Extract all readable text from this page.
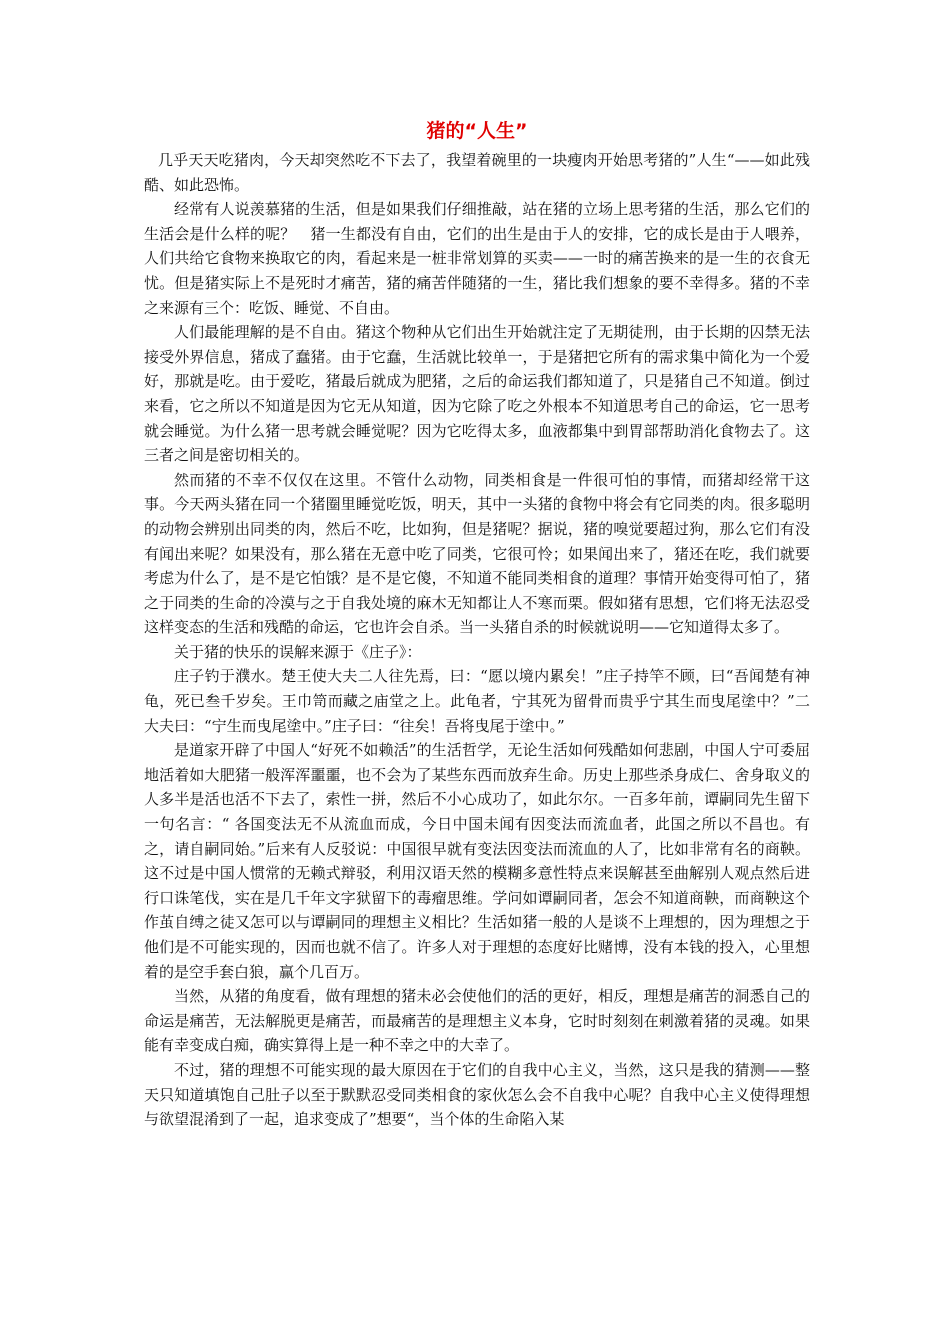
猪的“人生”

几乎天天吃猪肉，今天却突然吃不下去了，我望着碗里的一块瘦肉开始思考猪的”人生“——如此残酷、如此恐怖。

经常有人说羡慕猪的生活，但是如果我们仔细推敲，站在猪的立场上思考猪的生活，那么它们的生活会是什么样的呢？　猪一生都没有自由，它们的出生是由于人的安排，它的成长是由于人喂养，人们共给它食物来换取它的肉，看起来是一桩非常划算的买卖——一时的痛苦换来的是一生的衣食无忧。但是猪实际上不是死时才痛苦，猪的痛苦伴随猪的一生，猪比我们想象的要不幸得多。猪的不幸之来源有三个：吃饭、睡觉、不自由。

人们最能理解的是不自由。猪这个物种从它们出生开始就注定了无期徒刑，由于长期的囚禁无法接受外界信息，猪成了蠢猪。由于它蠢，生活就比较单一，于是猪把它所有的需求集中简化为一个爱好，那就是吃。由于爱吃，猪最后就成为肥猪，之后的命运我们都知道了，只是猪自己不知道。倒过来看，它之所以不知道是因为它无从知道，因为它除了吃之外根本不知道思考自己的命运，它一思考就会睡觉。为什么猪一思考就会睡觉呢？因为它吃得太多，血液都集中到胃部帮助消化食物去了。这三者之间是密切相关的。

然而猪的不幸不仅仅在这里。不管什么动物，同类相食是一件很可怕的事情，而猪却经常干这事。今天两头猪在同一个猪圈里睡觉吃饭，明天，其中一头猪的食物中将会有它同类的肉。很多聪明的动物会辨别出同类的肉，然后不吃，比如狗，但是猪呢？据说，猪的嗅觉要超过狗，那么它们有没有闻出来呢？如果没有，那么猪在无意中吃了同类，它很可怜；如果闻出来了，猪还在吃，我们就要考虑为什么了，是不是它怕饿？是不是它傻，不知道不能同类相食的道理？事情开始变得可怕了，猪之于同类的生命的冷漠与之于自我处境的麻木无知都让人不寒而栗。假如猪有思想，它们将无法忍受这样变态的生活和残酷的命运，它也许会自杀。当一头猪自杀的时候就说明——它知道得太多了。

关于猪的快乐的误解来源于《庄子》：

庄子钓于濮水。楚王使大夫二人往先焉，曰：“愿以境内累矣！”庄子持竿不顾，曰“吾闻楚有神龟，死已叁千岁矣。王巾笥而藏之庙堂之上。此龟者，宁其死为留骨而贵乎宁其生而曳尾塗中？”二大夫曰：“宁生而曳尾塗中。”庄子曰：“往矣！吾将曳尾于塗中。”

是道家开辟了中国人“好死不如赖活”的生活哲学，无论生活如何残酷如何悲剧，中国人宁可委屈地活着如大肥猪一般浑浑噩噩，也不会为了某些东西而放弃生命。历史上那些杀身成仁、舍身取义的人多半是活也活不下去了，索性一拼，然后不小心成功了，如此尔尔。一百多年前，谭嗣同先生留下一句名言：“ 各国变法无不从流血而成，今日中国未闻有因变法而流血者，此国之所以不昌也。有之，请自嗣同始。”后来有人反驳说：中国很早就有变法因变法而流血的人了，比如非常有名的商鞅。这不过是中国人惯常的无赖式辩驳，利用汉语天然的模糊多意性特点来误解甚至曲解别人观点然后进行口诛笔伐，实在是几千年文字狱留下的毒瘤思维。学问如谭嗣同者，怎会不知道商鞅，而商鞅这个作茧自缚之徒又怎可以与谭嗣同的理想主义相比？生活如猪一般的人是谈不上理想的，因为理想之于他们是不可能实现的，因而也就不信了。许多人对于理想的态度好比赌博，没有本钱的投入，心里想着的是空手套白狼，赢个几百万。

当然，从猪的角度看，做有理想的猪未必会使他们的活的更好，相反，理想是痛苦的洞悉自己的命运是痛苦，无法解脱更是痛苦，而最痛苦的是理想主义本身，它时时刻刻在刺激着猪的灵魂。如果能有幸变成白痴，确实算得上是一种不幸之中的大幸了。

不过，猪的理想不可能实现的最大原因在于它们的自我中心主义，当然，这只是我的猜测——整天只知道填饱自己肚子以至于默默忍受同类相食的家伙怎么会不自我中心呢？自我中心主义使得理想与欲望混淆到了一起，追求变成了”想要“，当个体的生命陷入某
